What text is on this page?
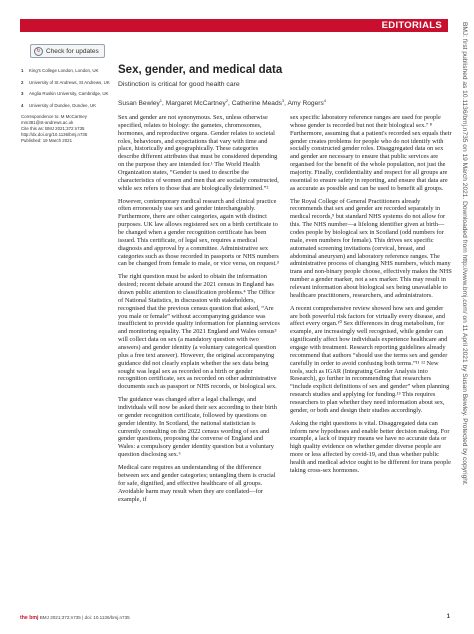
EDITORIALS
↻ Check for updates
1	King's College London, London, UK
2	University of St Andrews, St Andrews, UK
3	Anglia Ruskin University, Cambridge, UK
4	University of Dundee, Dundee, UK
Correspondence to: M McCartney
mm381@st-andrews.ac.uk
Cite this as: BMJ 2021;372:n735
http://dx.doi.org/10.1136/bmj.n735
Published: 19 March 2021
Sex, gender, and medical data
Distinction is critical for good health care
Susan Bewley$^1$, Margaret McCartney$^2$, Catherine Meads$^3$, Amy Rogers$^4$

Sex and gender are not synonymous. Sex, unless otherwise specified, relates to biology: the gametes, chromosomes, hormones, and reproductive organs. Gender relates to societal roles, behaviours, and expectations that vary with time and place, historically and geographically. These categories describe different attributes that must be considered depending on the purpose they are intended for.¹ The World Health Organization states, “Gender is used to describe the characteristics of women and men that are socially constructed, while sex refers to those that are biologically determined.”²

However, contemporary medical research and clinical practice often erroneously use sex and gender interchangeably. Furthermore, there are other categories, again with distinct purposes. UK law allows registered sex on a birth certificate to be changed when a gender recognition certificate has been issued. This certificate, of legal sex, requires a medical diagnosis and approval by a committee. Administrative sex categories such as those recorded in passports or NHS numbers can be changed from female to male, or vice versa, on request.³

The right question must be asked to obtain the information desired; recent debate around the 2021 census in England has drawn public attention to classification problems.⁴ The Office of National Statistics, in discussion with stakeholders, recognised that the previous census question that asked, “Are you male or female” without accompanying guidance was insufficient to provide quality information for planning services and monitoring equality. The 2021 England and Wales census⁵ will collect data on sex (a mandatory question with two answers) and gender identity (a voluntary categorical question plus a free text answer). However, the original accompanying guidance did not clearly explain whether the sex data being sought was legal sex as recorded on a birth or gender recognition certificate, sex as recorded on other administrative documents such as passport or NHS records, or biological sex.

The guidance was changed after a legal challenge, and individuals will now be asked their sex according to their birth or gender recognition certificate, followed by questions on gender identity. In Scotland, the national statistician is currently consulting on the 2022 census wording of sex and gender questions, proposing the converse of England and Wales: a compulsory gender identity question but a voluntary question disclosing sex.⁶

Medical care requires an understanding of the difference between sex and gender categories; untangling them is crucial for safe, dignified, and effective healthcare of all groups. Avoidable harm may result when they are conflated—for example, if

sex specific laboratory reference ranges are used for people whose gender is recorded but not their biological sex.⁷ ⁸ Furthermore, assuming that a patient's recorded sex equals their gender creates problems for people who do not identify with socially constructed gender roles. Disaggregated data on sex and gender are necessary to ensure that public services are organised for the benefit of the whole population, not just the majority. Finally, confidentiality and respect for all groups are essential to ensure safety in reporting, and ensure that data are as accurate as possible and can be used to benefit all groups.

The Royal College of General Practitioners already recommends that sex and gender are recorded separately in medical records,⁹ but standard NHS systems do not allow for this. The NHS number—a lifelong identifier given at birth—codes people by biological sex in Scotland (odd numbers for male, even numbers for female). This drives sex specific automated screening invitations (cervical, breast, and abdominal aneurysm) and laboratory reference ranges. The administrative process of changing NHS numbers, which many trans and non-binary people choose, effectively makes the NHS number a gender marker, not a sex marker. This may result in relevant information about biological sex being unavailable to healthcare practitioners, researchers, and administrators.

A recent comprehensive review showed how sex and gender are both powerful risk factors for virtually every disease, and affect every organ.¹⁰ Sex differences in drug metabolism, for example, are increasingly well recognised, while gender can significantly affect how individuals experience healthcare and engage with treatment. Research reporting guidelines already recommend that authors “should use the terms sex and gender carefully in order to avoid confusing both terms.”¹¹ ¹² New tools, such as IGAR (Integrating Gender Analysis into Research), go further in recommending that researchers “include explicit definitions of sex and gender” when planning research studies and applying for funding.¹³ This requires researchers to plan whether they need information about sex, gender, or both and design their studies accordingly.

Asking the right questions is vital. Disaggregated data can inform new hypotheses and enable better decision making. For example, a lack of inquiry means we have no accurate data or high quality evidence on whether gender diverse people are more or less affected by covid-19, and thus whether public health and medical advice ought to be different for trans people taking cross-sex hormones.

the bmj BMJ 2021;372:n735 | doi: 10.1136/bmj.n735	1
BMJ: first published as 10.1136/bmj.n735 on 19 March 2021. Downloaded from http://www.bmj.com/ on 11 April 2021 by Susan Bewley. Protected by copyright.
